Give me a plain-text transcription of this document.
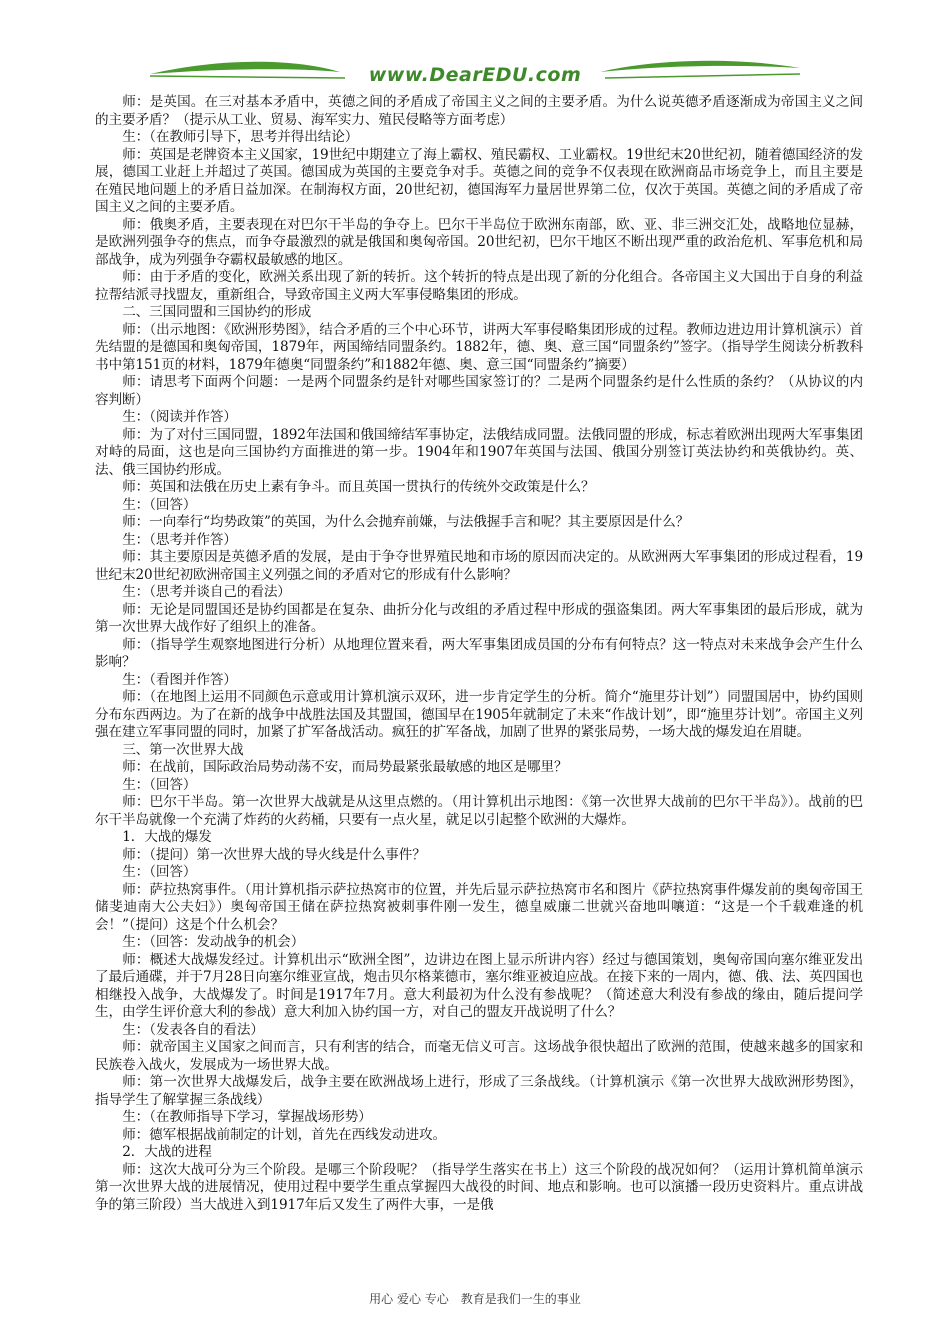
www.DearEDU.com

师：是英国。在三对基本矛盾中，英德之间的矛盾成了帝国主义之间的主要矛盾。为什么说英德矛盾逐渐成为帝国主义之间的主要矛盾？（提示从工业、贸易、海军实力、殖民侵略等方面考虑）

生：（在教师引导下，思考并得出结论）

师：英国是老牌资本主义国家，19世纪中期建立了海上霸权、殖民霸权、工业霸权。19世纪末20世纪初，随着德国经济的发展，德国工业赶上并超过了英国。德国成为英国的主要竞争对手。英德之间的竞争不仅表现在欧洲商品市场竞争上，而且主要是在殖民地问题上的矛盾日益加深。在制海权方面，20世纪初，德国海军力量居世界第二位，仅次于英国。英德之间的矛盾成了帝国主义之间的主要矛盾。

师：俄奥矛盾，主要表现在对巴尔干半岛的争夺上。巴尔干半岛位于欧洲东南部，欧、亚、非三洲交汇处，战略地位显赫，是欧洲列强争夺的焦点，而争夺最激烈的就是俄国和奥匈帝国。20世纪初，巴尔干地区不断出现严重的政治危机、军事危机和局部战争，成为列强争夺霸权最敏感的地区。

师：由于矛盾的变化，欧洲关系出现了新的转折。这个转折的特点是出现了新的分化组合。各帝国主义大国出于自身的利益拉帮结派寻找盟友，重新组合，导致帝国主义两大军事侵略集团的形成。

二、三国同盟和三国协约的形成

师：（出示地图：《欧洲形势图》，结合矛盾的三个中心环节，讲两大军事侵略集团形成的过程。教师边进边用计算机演示）首先结盟的是德国和奥匈帝国，1879年，两国缔结同盟条约。1882年，德、奥、意三国“同盟条约”签字。（指导学生阅读分析教科书中第151页的材料，1879年德奥“同盟条约”和1882年德、奥、意三国“同盟条约”摘要）

师：请思考下面两个问题：一是两个同盟条约是针对哪些国家签订的？二是两个同盟条约是什么性质的条约？（从协议的内容判断）

生：（阅读并作答）

师：为了对付三国同盟，1892年法国和俄国缔结军事协定，法俄结成同盟。法俄同盟的形成，标志着欧洲出现两大军事集团对峙的局面，这也是向三国协约方面推进的第一步。1904年和1907年英国与法国、俄国分别签订英法协约和英俄协约。英、法、俄三国协约形成。

师：英国和法俄在历史上素有争斗。而且英国一贯执行的传统外交政策是什么？

生：（回答）

师：一向奉行“均势政策”的英国，为什么会抛弃前嫌，与法俄握手言和呢？其主要原因是什么？

生：（思考并作答）

师：其主要原因是英德矛盾的发展，是由于争夺世界殖民地和市场的原因而决定的。从欧洲两大军事集团的形成过程看，19世纪末20世纪初欧洲帝国主义列强之间的矛盾对它的形成有什么影响？

生：（思考并谈自己的看法）

师：无论是同盟国还是协约国都是在复杂、曲折分化与改组的矛盾过程中形成的强盗集团。两大军事集团的最后形成，就为第一次世界大战作好了组织上的准备。

师：（指导学生观察地图进行分析）从地理位置来看，两大军事集团成员国的分布有何特点？这一特点对未来战争会产生什么影响？

生：（看图并作答）

师：（在地图上运用不同颜色示意或用计算机演示双环，进一步肯定学生的分析。简介“施里芬计划”）同盟国居中，协约国则分布东西两边。为了在新的战争中战胜法国及其盟国，德国早在1905年就制定了未来“作战计划”，即“施里芬计划”。帝国主义列强在建立军事同盟的同时，加紧了扩军备战活动。疯狂的扩军备战，加剧了世界的紧张局势，一场大战的爆发迫在眉睫。

三、第一次世界大战

师：在战前，国际政治局势动荡不安，而局势最紧张最敏感的地区是哪里？

生：（回答）

师：巴尔干半岛。第一次世界大战就是从这里点燃的。（用计算机出示地图：《第一次世界大战前的巴尔干半岛》）。战前的巴尔干半岛就像一个充满了炸药的火药桶，只要有一点火星，就足以引起整个欧洲的大爆炸。

1．大战的爆发

师：（提问）第一次世界大战的导火线是什么事件？

生：（回答）

师：萨拉热窝事件。（用计算机指示萨拉热窝市的位置，并先后显示萨拉热窝市名和图片《萨拉热窝事件爆发前的奥匈帝国王储斐迪南大公夫妇》）奥匈帝国王储在萨拉热窝被刺事件刚一发生，德皇威廉二世就兴奋地叫嚷道：“这是一个千载难逢的机会！”（提问）这是个什么机会？

生：（回答：发动战争的机会）

师：概述大战爆发经过。计算机出示“欧洲全图”，边讲边在图上显示所讲内容）经过与德国策划，奥匈帝国向塞尔维亚发出了最后通碟，并于7月28日向塞尔维亚宣战，炮击贝尔格莱德市，塞尔维亚被迫应战。在接下来的一周内，德、俄、法、英四国也相继投入战争，大战爆发了。时间是1917年7月。意大利最初为什么没有参战呢？（简述意大利没有参战的缘由，随后提问学生，由学生评价意大利的参战）意大利加入协约国一方，对自己的盟友开战说明了什么？

生：（发表各自的看法）

师：就帝国主义国家之间而言，只有利害的结合，而毫无信义可言。这场战争很快超出了欧洲的范围，使越来越多的国家和民族卷入战火，发展成为一场世界大战。

师：第一次世界大战爆发后，战争主要在欧洲战场上进行，形成了三条战线。（计算机演示《第一次世界大战欧洲形势图》，指导学生了解掌握三条战线）

生：（在教师指导下学习，掌握战场形势）

师：德军根据战前制定的计划，首先在西线发动进攻。

2．大战的进程

师：这次大战可分为三个阶段。是哪三个阶段呢？（指导学生落实在书上）这三个阶段的战况如何？（运用计算机简单演示第一次世界大战的进展情况，使用过程中要学生重点掌握四大战役的时间、地点和影响。也可以演播一段历史资料片。重点讲战争的第三阶段）当大战进入到1917年后又发生了两件大事，一是俄

用心 爱心 专心　教育是我们一生的事业
